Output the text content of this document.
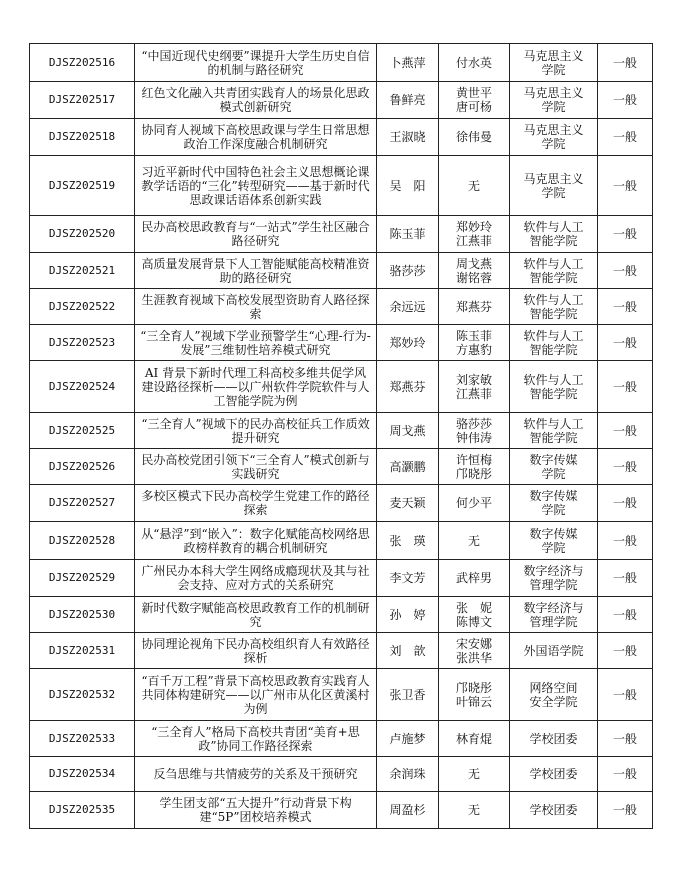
DJSZ202516	“中国近现代史纲要”课提升大学生历史自信的机制与路径研究	卜燕萍	付水英	马克思主义
学院	一般
DJSZ202517	红色文化融入共青团实践育人的场景化思政模式创新研究	鲁鲜亮	黄世平
唐可杨	马克思主义
学院	一般
DJSZ202518	协同育人视域下高校思政课与学生日常思想政治工作深度融合机制研究	王淑晓	徐伟曼	马克思主义
学院	一般
DJSZ202519	习近平新时代中国特色社会主义思想概论课教学话语的“三化”转型研究——基于新时代思政课话语体系创新实践	吴　阳	无	马克思主义
学院	一般
DJSZ202520	民办高校思政教育与“一站式”学生社区融合路径研究	陈玉菲	郑妙玲
江燕菲	软件与人工
智能学院	一般
DJSZ202521	高质量发展背景下人工智能赋能高校精准资助的路径研究	骆莎莎	周戈燕
谢铭蓉	软件与人工
智能学院	一般
DJSZ202522	生涯教育视域下高校发展型资助育人路径探索	余远远	郑燕芬	软件与人工
智能学院	一般
DJSZ202523	“三全育人”视域下学业预警学生“心理-行为-发展”三维韧性培养模式研究	郑妙玲	陈玉菲
方惠豹	软件与人工
智能学院	一般
DJSZ202524	AI 背景下新时代理工科高校多维共促学风建设路径探析——以广州软件学院软件与人工智能学院为例	郑燕芬	刘家敏
江燕菲	软件与人工
智能学院	一般
DJSZ202525	“三全育人”视域下的民办高校征兵工作质效提升研究	周戈燕	骆莎莎
钟伟涛	软件与人工
智能学院	一般
DJSZ202526	民办高校党团引领下“三全育人”模式创新与实践研究	高灏鹏	许恒梅
邝晓彤	数字传媒
学院	一般
DJSZ202527	多校区模式下民办高校学生党建工作的路径探索	麦天颖	何少平	数字传媒
学院	一般
DJSZ202528	从“悬浮”到“嵌入”：数字化赋能高校网络思政榜样教育的耦合机制研究	张　瑛	无	数字传媒
学院	一般
DJSZ202529	广州民办本科大学生网络成瘾现状及其与社会支持、应对方式的关系研究	李文芳	武梓男	数字经济与
管理学院	一般
DJSZ202530	新时代数字赋能高校思政教育工作的机制研究	孙　婷	张　妮
陈博文	数字经济与
管理学院	一般
DJSZ202531	协同理论视角下民办高校组织育人有效路径探析	刘　歆	宋安娜
张洪华	外国语学院	一般
DJSZ202532	“百千万工程”背景下高校思政教育实践育人共同体构建研究——以广州市从化区黄溪村为例	张卫香	邝晓彤
叶锦云	网络空间
安全学院	一般
DJSZ202533	“三全育人”格局下高校共青团“美育+思政”协同工作路径探索	卢施梦	林育焜	学校团委	一般
DJSZ202534	反刍思维与共情疲劳的关系及干预研究	余润珠	无	学校团委	一般
DJSZ202535	学生团支部“五大提升”行动背景下构建“5P”团校培养模式	周盈杉	无	学校团委	一般
